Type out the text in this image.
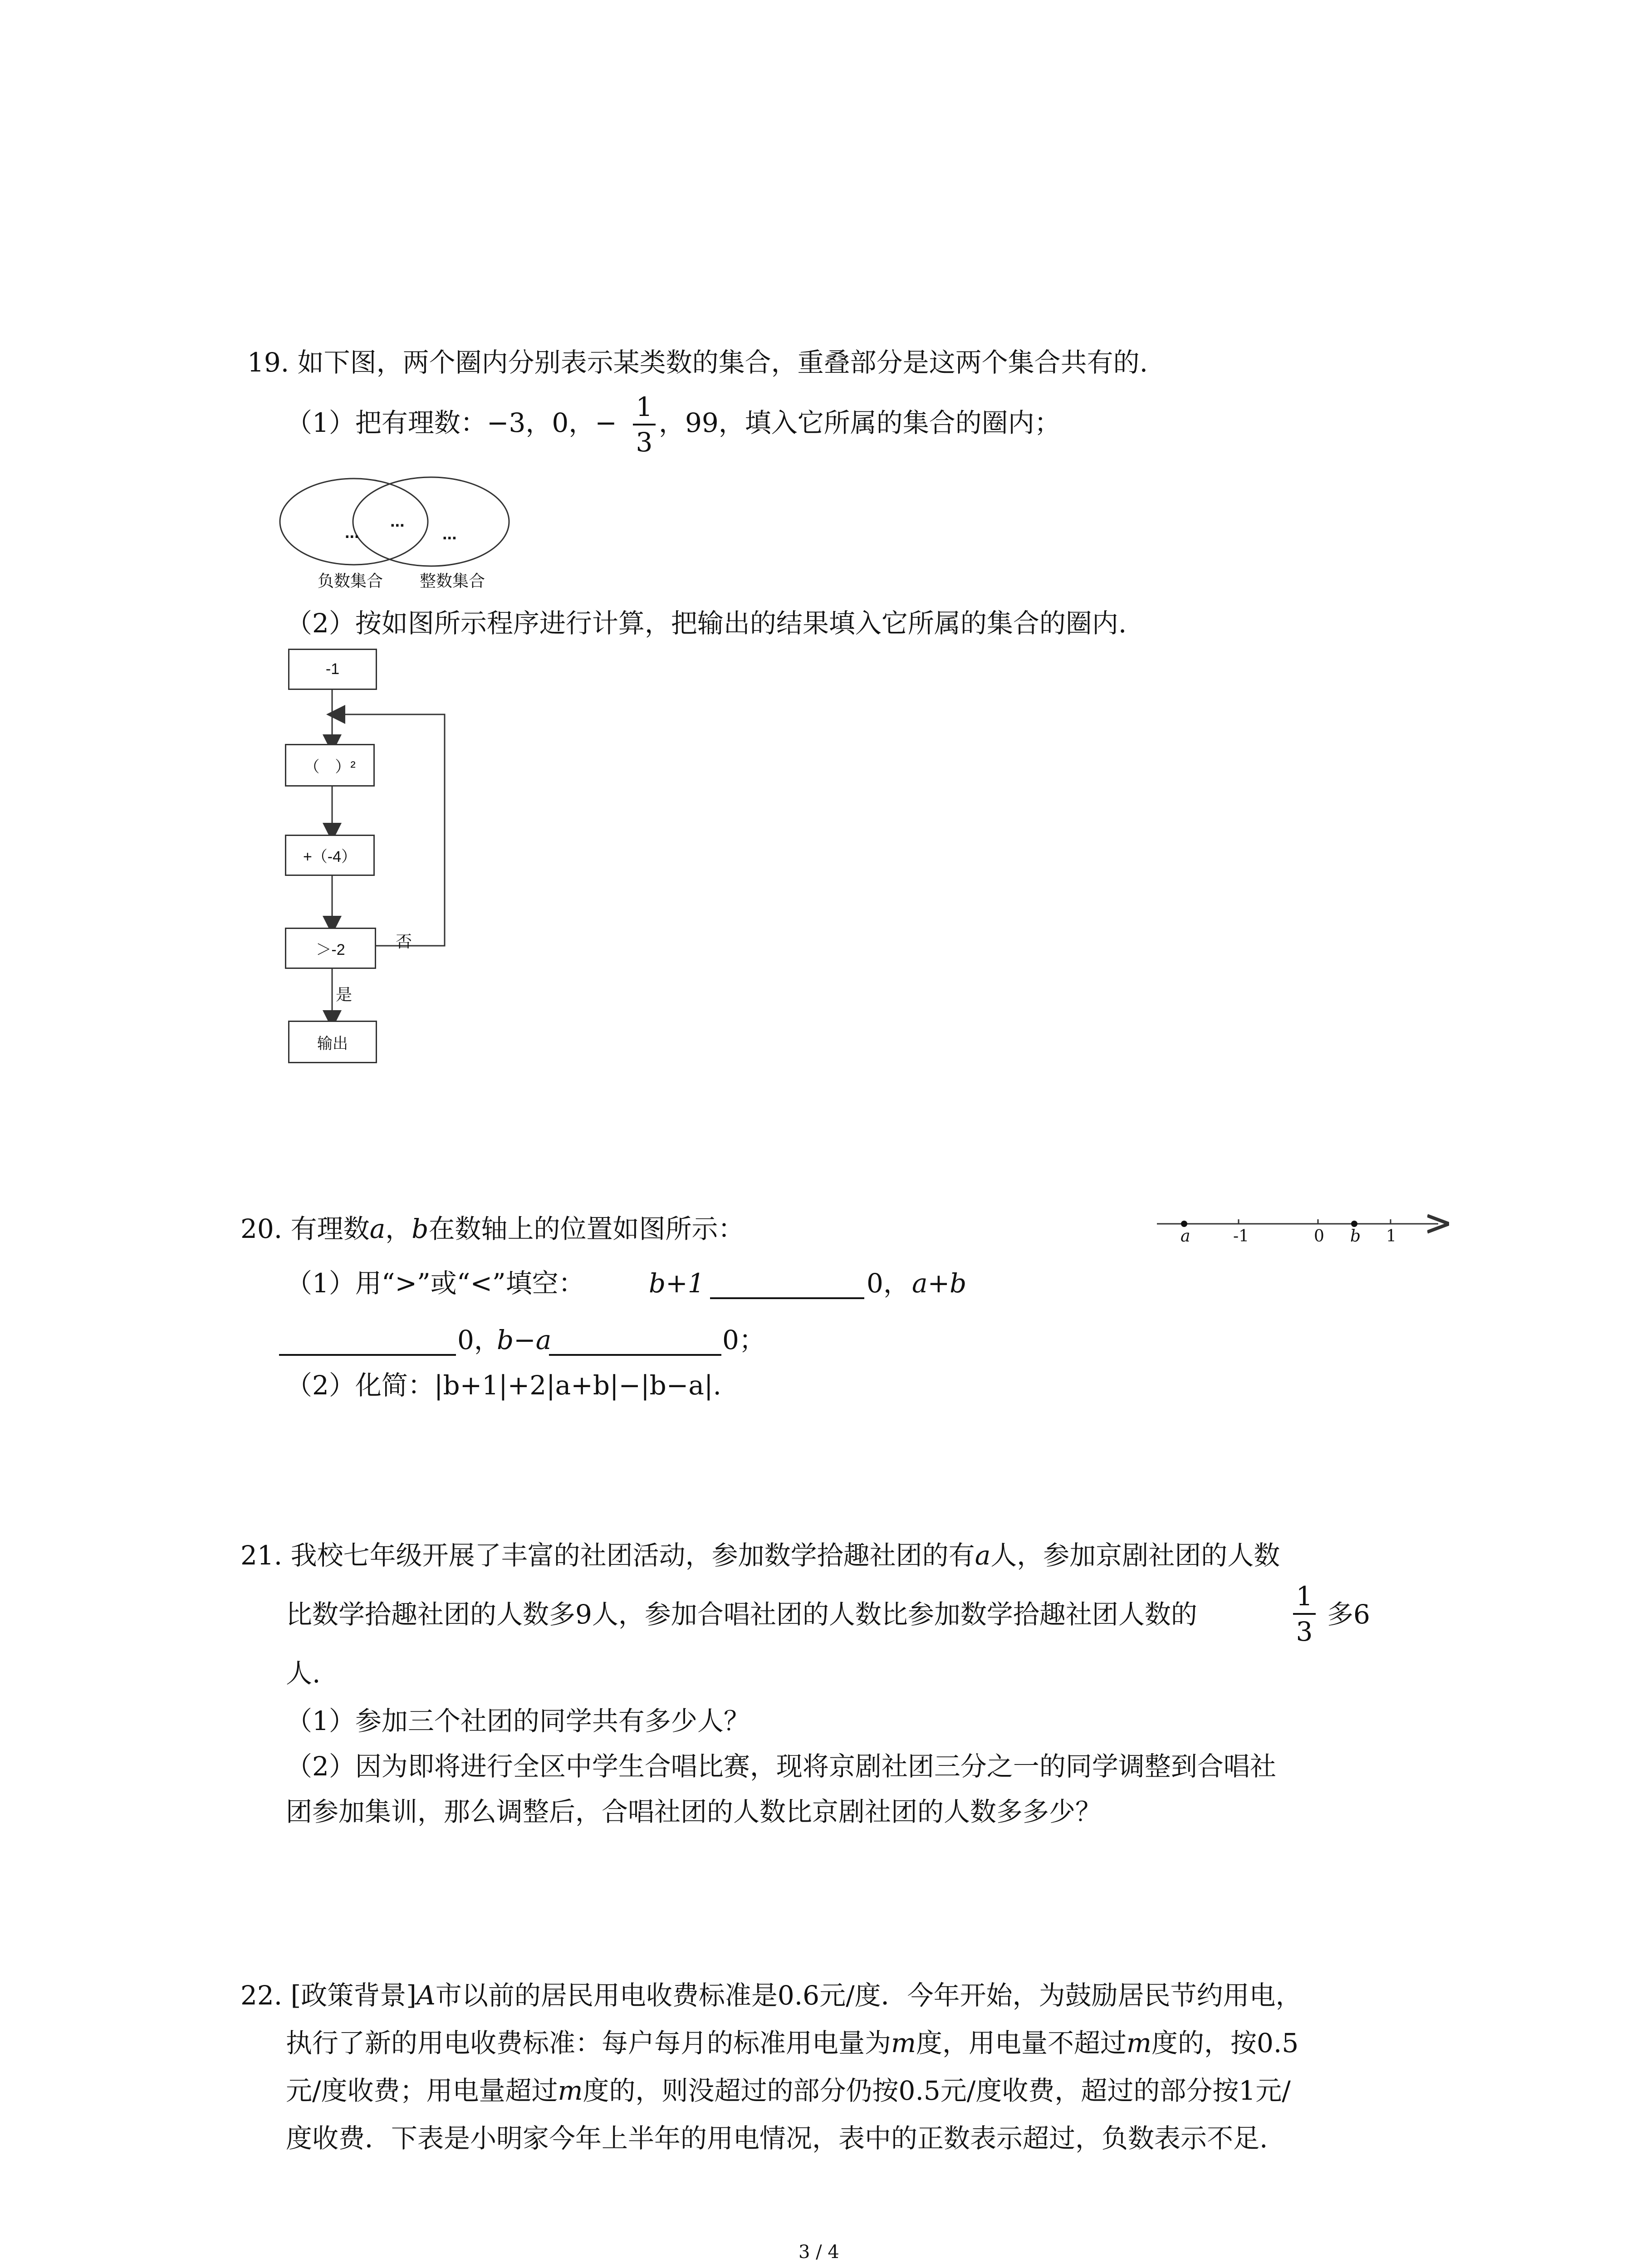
19. 如下图，两个圈内分别表示某类数的集合，重叠部分是这两个集合共有的.
（1）把有理数：−3，0，−
1
3
，99，填入它所属的集合的圈内；
...
...
...
负数集合 整数集合
（2）按如图所示程序进行计算，把输出的结果填入它所属的集合的圈内.
-1
（　）²
+（-4）
＞-2	否
是
输出
20. 有理数a，b在数轴上的位置如图所示：	a	-1	0 b 1
（1）用“>”或“<”填空： b+1	0， a+b
0，
b−a	0；
（2）化简：|b+1|+2|a+b|−|b−a|.
21. 我校七年级开展了丰富的社团活动，参加数学拾趣社团的有a人，参加京剧社团的人数
比数学拾趣社团的人数多9人，参加合唱社团的人数比参加数学拾趣社团人数的
1
3
多6
人.
（1）参加三个社团的同学共有多少人？
（2）因为即将进行全区中学生合唱比赛，现将京剧社团三分之一的同学调整到合唱社
团参加集训，那么调整后，合唱社团的人数比京剧社团的人数多多少？
22. [政策背景]A市以前的居民用电收费标准是0.6元/度．今年开始，为鼓励居民节约用电，
执行了新的用电收费标准：每户每月的标准用电量为m度，用电量不超过m度的，按0.5
元/度收费；用电量超过m度的，则没超过的部分仍按0.5元/度收费，超过的部分按1元/
度收费．下表是小明家今年上半年的用电情况，表中的正数表示超过，负数表示不足.
3 / 4
